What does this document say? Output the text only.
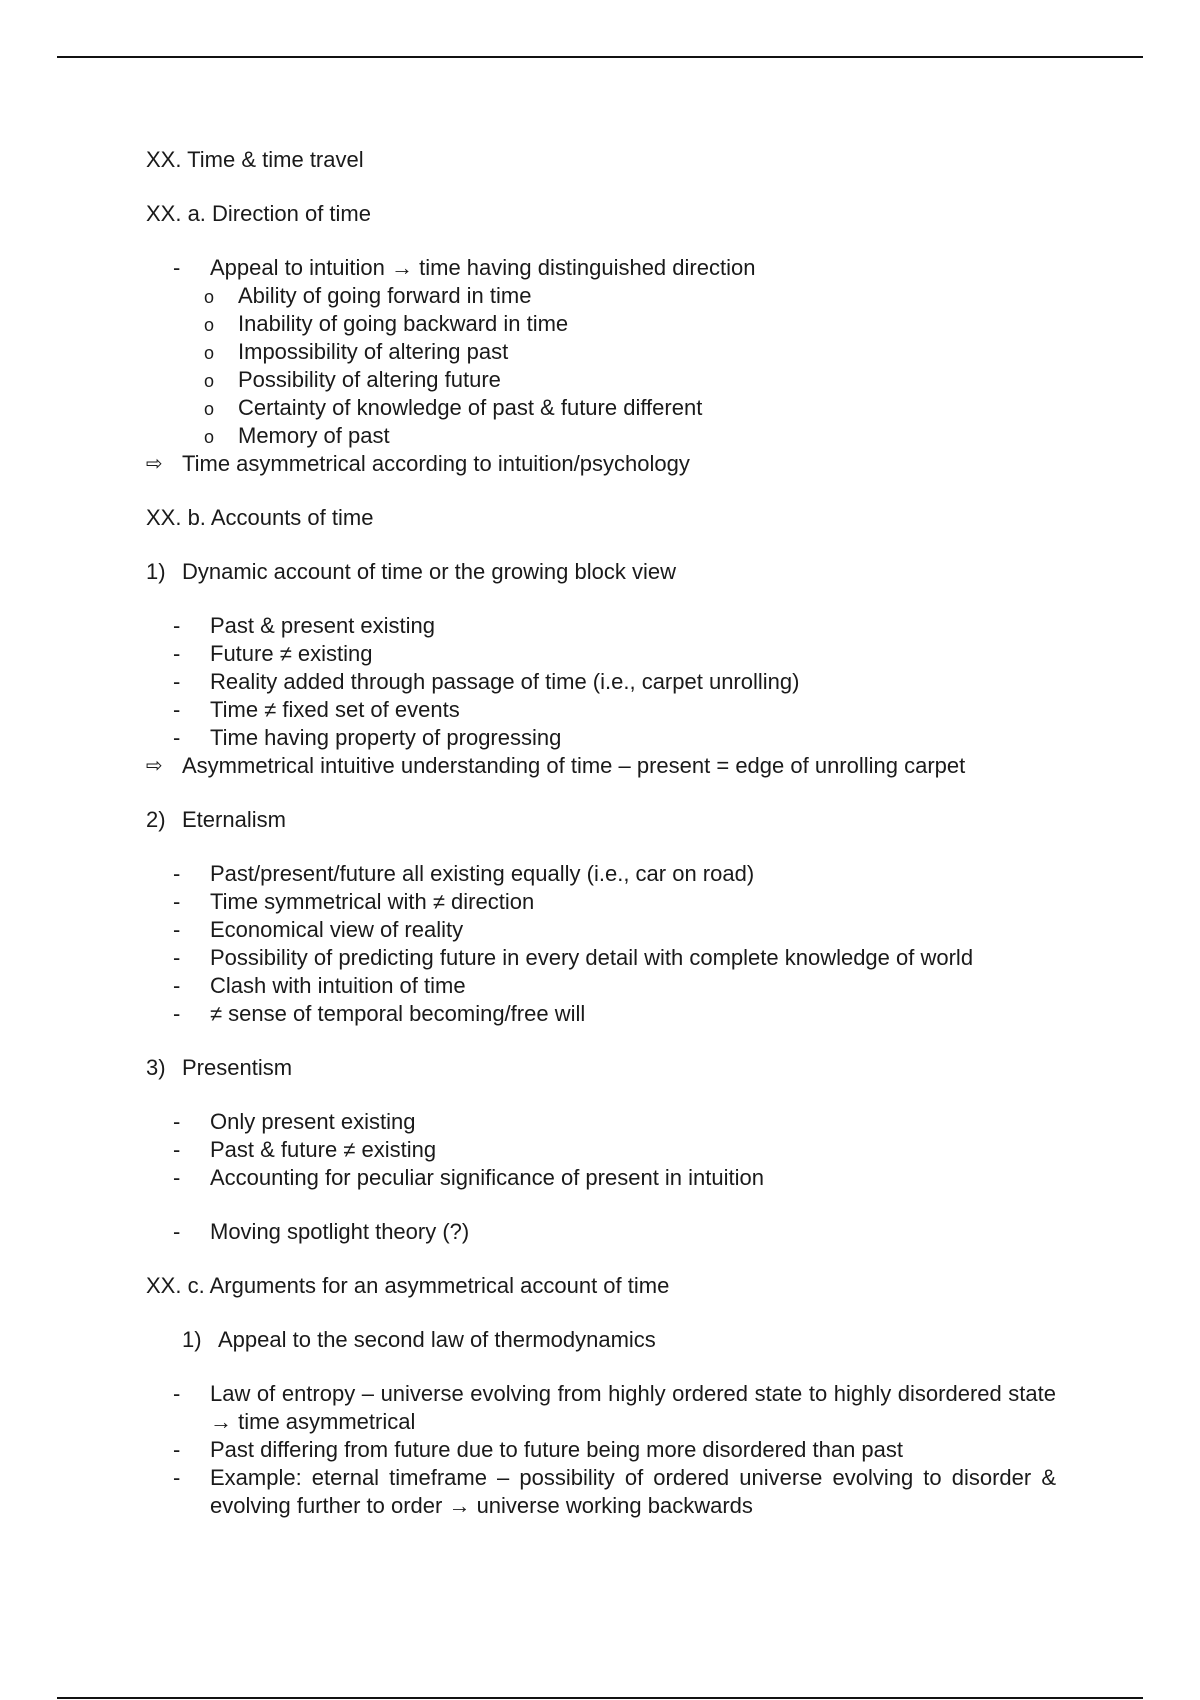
XX. Time & time travel
XX. a. Direction of time
- Appeal to intuition → time having distinguished direction
o Ability of going forward in time
o Inability of going backward in time
o Impossibility of altering past
o Possibility of altering future
o Certainty of knowledge of past & future different
o Memory of past
⇨ Time asymmetrical according to intuition/psychology
XX. b. Accounts of time
1) Dynamic account of time or the growing block view
- Past & present existing
- Future ≠ existing
- Reality added through passage of time (i.e., carpet unrolling)
- Time ≠ fixed set of events
- Time having property of progressing
⇨ Asymmetrical intuitive understanding of time – present = edge of unrolling carpet
2) Eternalism
- Past/present/future all existing equally (i.e., car on road)
- Time symmetrical with ≠ direction
- Economical view of reality
- Possibility of predicting future in every detail with complete knowledge of world
- Clash with intuition of time
- ≠ sense of temporal becoming/free will
3) Presentism
- Only present existing
- Past & future ≠ existing
- Accounting for peculiar significance of present in intuition
- Moving spotlight theory (?)
XX. c. Arguments for an asymmetrical account of time
1) Appeal to the second law of thermodynamics
- Law of entropy – universe evolving from highly ordered state to highly disordered state → time asymmetrical
- Past differing from future due to future being more disordered than past
- Example: eternal timeframe – possibility of ordered universe evolving to disorder & evolving further to order → universe working backwards
